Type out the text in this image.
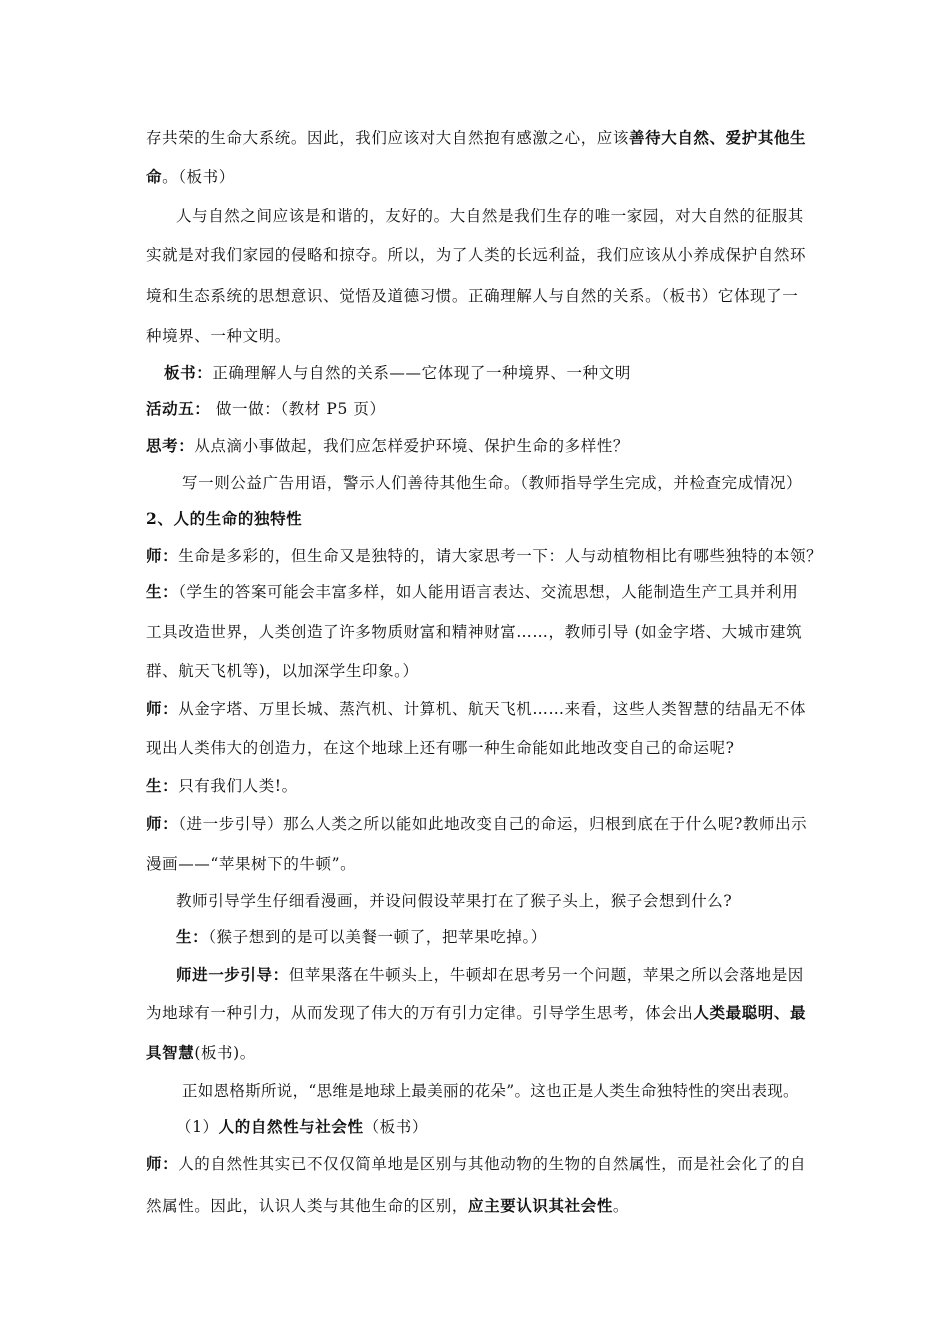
存共荣的生命大系统。因此，我们应该对大自然抱有感激之心，应该善待大自然、爱护其他生
命。（板书）
人与自然之间应该是和谐的，友好的。大自然是我们生存的唯一家园，对大自然的征服其
实就是对我们家园的侵略和掠夺。所以，为了人类的长远利益，我们应该从小养成保护自然环
境和生态系统的思想意识、觉悟及道德习惯。正确理解人与自然的关系。（板书）它体现了一
种境界、一种文明。
板书：正确理解人与自然的关系——它体现了一种境界、一种文明
活动五： 做一做：（教材 P5 页）
思考：从点滴小事做起，我们应怎样爱护环境、保护生命的多样性？
写一则公益广告用语，警示人们善待其他生命。（教师指导学生完成，并检查完成情况）
2、人的生命的独特性
师：生命是多彩的，但生命又是独特的，请大家思考一下：人与动植物相比有哪些独特的本领？
生：（学生的答案可能会丰富多样，如人能用语言表达、交流思想，人能制造生产工具并利用
工具改造世界，人类创造了许多物质财富和精神财富……，教师引导 (如金字塔、大城市建筑
群、航天飞机等)，以加深学生印象。）
师：从金字塔、万里长城、蒸汽机、计算机、航天飞机……来看，这些人类智慧的结晶无不体
现出人类伟大的创造力，在这个地球上还有哪一种生命能如此地改变自己的命运呢?
生：只有我们人类!。
师：（进一步引导）那么人类之所以能如此地改变自己的命运，归根到底在于什么呢?教师出示
漫画——“苹果树下的牛顿”。
教师引导学生仔细看漫画，并设问假设苹果打在了猴子头上，猴子会想到什么?
生：（猴子想到的是可以美餐一顿了，把苹果吃掉。）
师进一步引导：但苹果落在牛顿头上，牛顿却在思考另一个问题，苹果之所以会落地是因
为地球有一种引力，从而发现了伟大的万有引力定律。引导学生思考，体会出人类最聪明、最
具智慧(板书)。
正如恩格斯所说，“思维是地球上最美丽的花朵”。这也正是人类生命独特性的突出表现。
（1）人的自然性与社会性（板书）
师：人的自然性其实已不仅仅简单地是区别与其他动物的生物的自然属性，而是社会化了的自
然属性。因此，认识人类与其他生命的区别，应主要认识其社会性。
